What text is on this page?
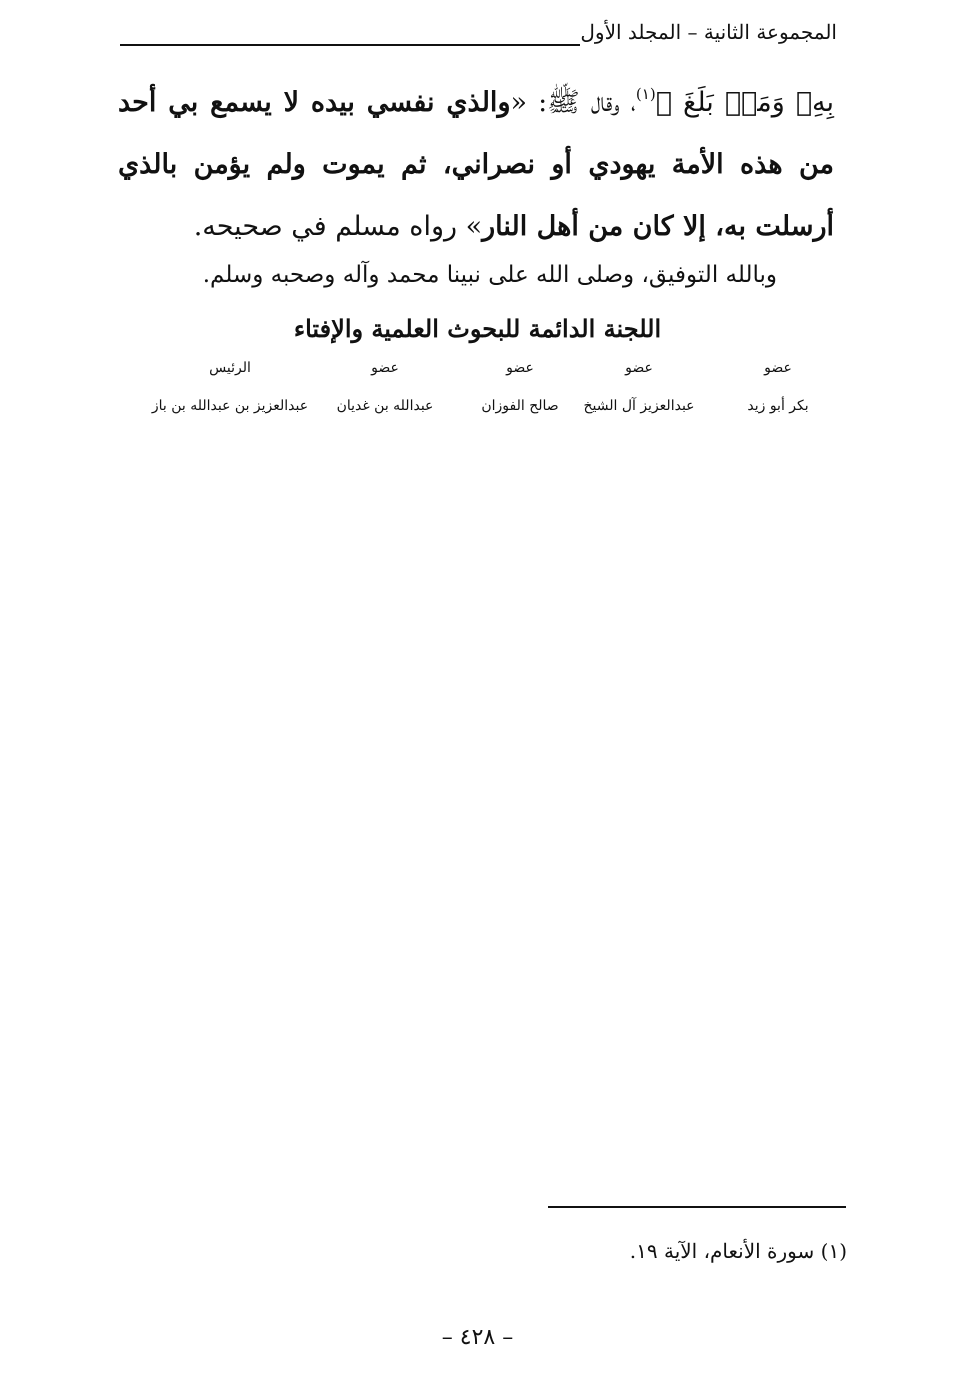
المجموعة الثانية – المجلد الأول

بِهِۦ وَمَنۢ بَلَغَ ﴾$^{(١)}$، وقال ﷺ: «والذي نفسي بيده لا يسمع بي أحد من هذه الأمة يهودي أو نصراني، ثم يموت ولم يؤمن بالذي أرسلت به، إلا كان من أهل النار» رواه مسلم في صحيحه.

وبالله التوفيق، وصلى الله على نبينا محمد وآله وصحبه وسلم.
اللجنة الدائمة للبحوث العلمية والإفتاء
عضو
بكر أبو زيد
عضو
عبدالعزيز آل الشيخ
عضو
صالح الفوزان
عضو
عبدالله بن غديان
الرئيس
عبدالعزيز بن عبدالله بن باز
(١) سورة الأنعام، الآية ١٩.
– ٤٢٨ –
